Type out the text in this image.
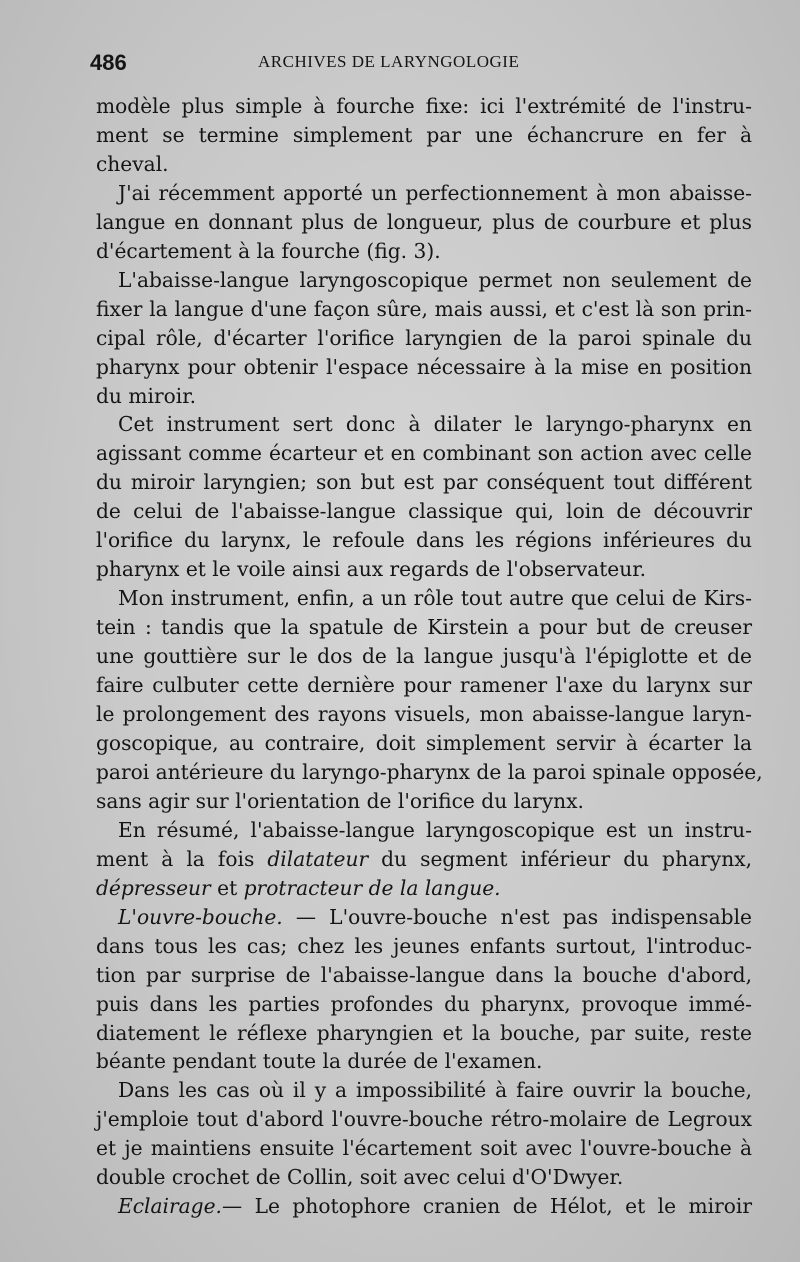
486	ARCHIVES DE LARYNGOLOGIE
modèle plus simple à fourche fixe: ici l'extrémité de l'instru-
ment se termine simplement par une échancrure en fer à
cheval.
J'ai récemment apporté un perfectionnement à mon abaisse-
langue en donnant plus de longueur, plus de courbure et plus
d'écartement à la fourche (fig. 3).
L'abaisse-langue laryngoscopique permet non seulement de
fixer la langue d'une façon sûre, mais aussi, et c'est là son prin-
cipal rôle, d'écarter l'orifice laryngien de la paroi spinale du
pharynx pour obtenir l'espace nécessaire à la mise en position
du miroir.
Cet instrument sert donc à dilater le laryngo-pharynx en
agissant comme écarteur et en combinant son action avec celle
du miroir laryngien; son but est par conséquent tout différent
de celui de l'abaisse-langue classique qui, loin de découvrir
l'orifice du larynx, le refoule dans les régions inférieures du
pharynx et le voile ainsi aux regards de l'observateur.
Mon instrument, enfin, a un rôle tout autre que celui de Kirs-
tein : tandis que la spatule de Kirstein a pour but de creuser
une gouttière sur le dos de la langue jusqu'à l'épiglotte et de
faire culbuter cette dernière pour ramener l'axe du larynx sur
le prolongement des rayons visuels, mon abaisse-langue laryn-
goscopique, au contraire, doit simplement servir à écarter la
paroi antérieure du laryngo-pharynx de la paroi spinale opposée,
sans agir sur l'orientation de l'orifice du larynx.
En résumé, l'abaisse-langue laryngoscopique est un instru-
ment à la fois dilatateur du segment inférieur du pharynx,
dépresseur et protracteur de la langue.
L'ouvre-bouche. — L'ouvre-bouche n'est pas indispensable
dans tous les cas; chez les jeunes enfants surtout, l'introduc-
tion par surprise de l'abaisse-langue dans la bouche d'abord,
puis dans les parties profondes du pharynx, provoque immé-
diatement le réflexe pharyngien et la bouche, par suite, reste
béante pendant toute la durée de l'examen.
Dans les cas où il y a impossibilité à faire ouvrir la bouche,
j'emploie tout d'abord l'ouvre-bouche rétro-molaire de Legroux
et je maintiens ensuite l'écartement soit avec l'ouvre-bouche à
double crochet de Collin, soit avec celui d'O'Dwyer.
Eclairage.— Le photophore cranien de Hélot, et le miroir
